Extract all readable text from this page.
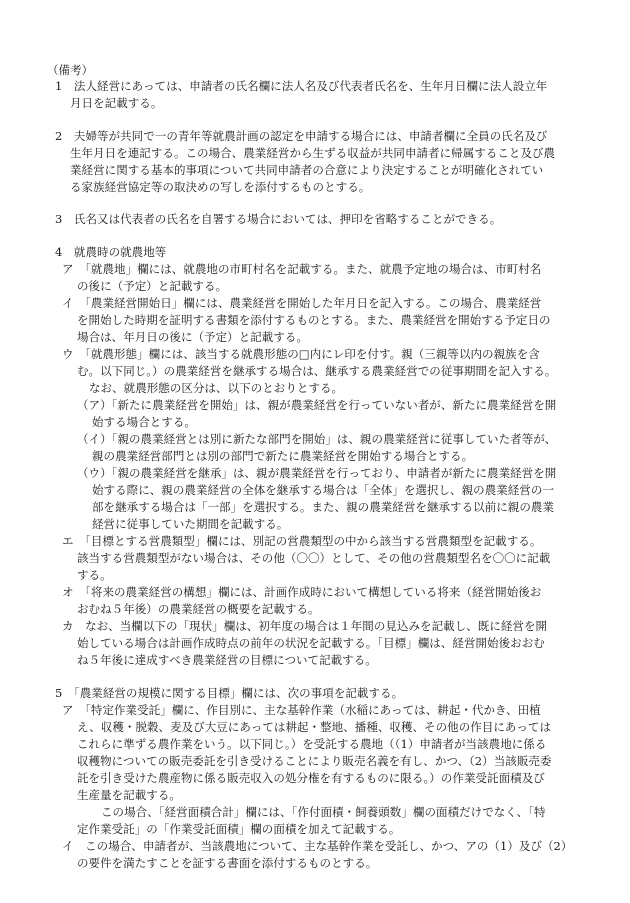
（備考）
1　法人経営にあっては、申請者の氏名欄に法人名及び代表者氏名を、生年月日欄に法人設立年
月日を記載する。
2　夫婦等が共同で一の青年等就農計画の認定を申請する場合には、申請者欄に全員の氏名及び
生年月日を連記する。この場合、農業経営から生ずる収益が共同申請者に帰属すること及び農
業経営に関する基本的事項について共同申請者の合意により決定することが明確化されてい
る家族経営協定等の取決めの写しを添付するものとする。
3　氏名又は代表者の氏名を自署する場合においては、押印を省略することができる。
4　就農時の就農地等
ア　「就農地」欄には、就農地の市町村名を記載する。また、就農予定地の場合は、市町村名
の後に（予定）と記載する。
イ　「農業経営開始日」欄には、農業経営を開始した年月日を記入する。この場合、農業経営
を開始した時期を証明する書類を添付するものとする。また、農業経営を開始する予定日の
場合は、年月日の後に（予定）と記載する。
ウ　「就農形態」欄には、該当する就農形態の□内にレ印を付す。親（三親等以内の親族を含
む。以下同じ。）の農業経営を継承する場合は、継承する農業経営での従事期間を記入する。
なお、就農形態の区分は、以下のとおりとする。
（ア）「新たに農業経営を開始」は、親が農業経営を行っていない者が、新たに農業経営を開
始する場合とする。
（イ）「親の農業経営とは別に新たな部門を開始」は、親の農業経営に従事していた者等が、
親の農業経営部門とは別の部門で新たに農業経営を開始する場合とする。
（ウ）「親の農業経営を継承」は、親が農業経営を行っており、申請者が新たに農業経営を開
始する際に、親の農業経営の全体を継承する場合は「全体」を選択し、親の農業経営の一
部を継承する場合は「一部」を選択する。また、親の農業経営を継承する以前に親の農業
経営に従事していた期間を記載する。
エ　「目標とする営農類型」欄には、別記の営農類型の中から該当する営農類型を記載する。
該当する営農類型がない場合は、その他（〇〇）として、その他の営農類型名を〇〇に記載
する。
オ　「将来の農業経営の構想」欄には、計画作成時において構想している将来（経営開始後お
おむね５年後）の農業経営の概要を記載する。
カ　なお、当欄以下の「現状」欄は、初年度の場合は１年間の見込みを記載し、既に経営を開
始している場合は計画作成時点の前年の状況を記載する。「目標」欄は、経営開始後おおむ
ね５年後に達成すべき農業経営の目標について記載する。
5　「農業経営の規模に関する目標」欄には、次の事項を記載する。
ア　「特定作業受託」欄に、作目別に、主な基幹作業（水稲にあっては、耕起・代かき、田植
え、収穫・脱穀、麦及び大豆にあっては耕起・整地、播種、収穫、その他の作目にあっては
これらに準ずる農作業をいう。以下同じ。）を受託する農地（（1）申請者が当該農地に係る
収穫物についての販売委託を引き受けることにより販売名義を有し、かつ、（2）当該販売委
託を引き受けた農産物に係る販売収入の処分権を有するものに限る。）の作業受託面積及び
生産量を記載する。
この場合、「経営面積合計」欄には、「作付面積・飼養頭数」欄の面積だけでなく、「特
定作業受託」の「作業受託面積」欄の面積を加えて記載する。
イ　この場合、申請者が、当該農地について、主な基幹作業を受託し、かつ、アの（1）及び（2）
の要件を満たすことを証する書面を添付するものとする。
